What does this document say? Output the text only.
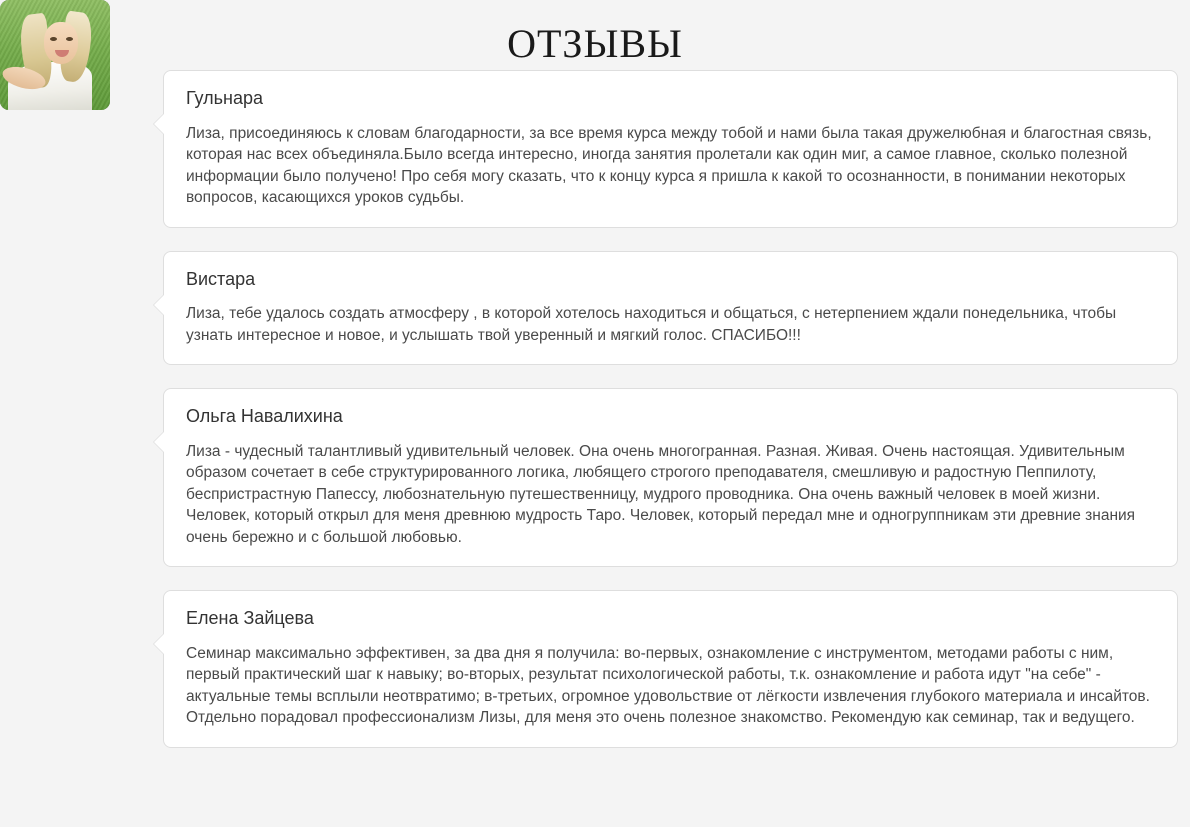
ОТЗЫВЫ
Гульнара

Лиза, присоединяюсь к словам благодарности, за все время курса между тобой и нами была такая дружелюбная и благостная связь, которая нас всех объединяла.Было всегда интересно, иногда занятия пролетали как один миг, а самое главное, сколько полезной информации было получено! Про себя могу сказать, что к концу курса я пришла к какой то осознанности, в понимании некоторых вопросов, касающихся уроков судьбы.

Вистара

Лиза, тебе удалось создать атмосферу , в которой хотелось находиться и общаться, с нетерпением ждали понедельника, чтобы узнать интересное и новое, и услышать твой уверенный и мягкий голос. СПАСИБО!!!

Ольга Навалихина

Лиза - чудесный талантливый удивительный человек. Она очень многогранная. Разная. Живая. Очень настоящая. Удивительным образом сочетает в себе структурированного логика, любящего строгого преподавателя, смешливую и радостную Пеппилоту, беспристрастную Папессу, любознательную путешественницу, мудрого проводника. Она очень важный человек в моей жизни. Человек, который открыл для меня древнюю мудрость Таро. Человек, который передал мне и одногруппникам эти древние знания очень бережно и с большой любовью.

Елена Зайцева

Семинар максимально эффективен, за два дня я получила: во-первых, ознакомление с инструментом, методами работы с ним, первый практический шаг к навыку; во-вторых, результат психологической работы, т.к. ознакомление и работа идут "на себе" - актуальные темы всплыли неотвратимо; в-третьих, огромное удовольствие от лёгкости извлечения глубокого материала и инсайтов. Отдельно порадовал профессионализм Лизы, для меня это очень полезное знакомство. Рекомендую как семинар, так и ведущего.
